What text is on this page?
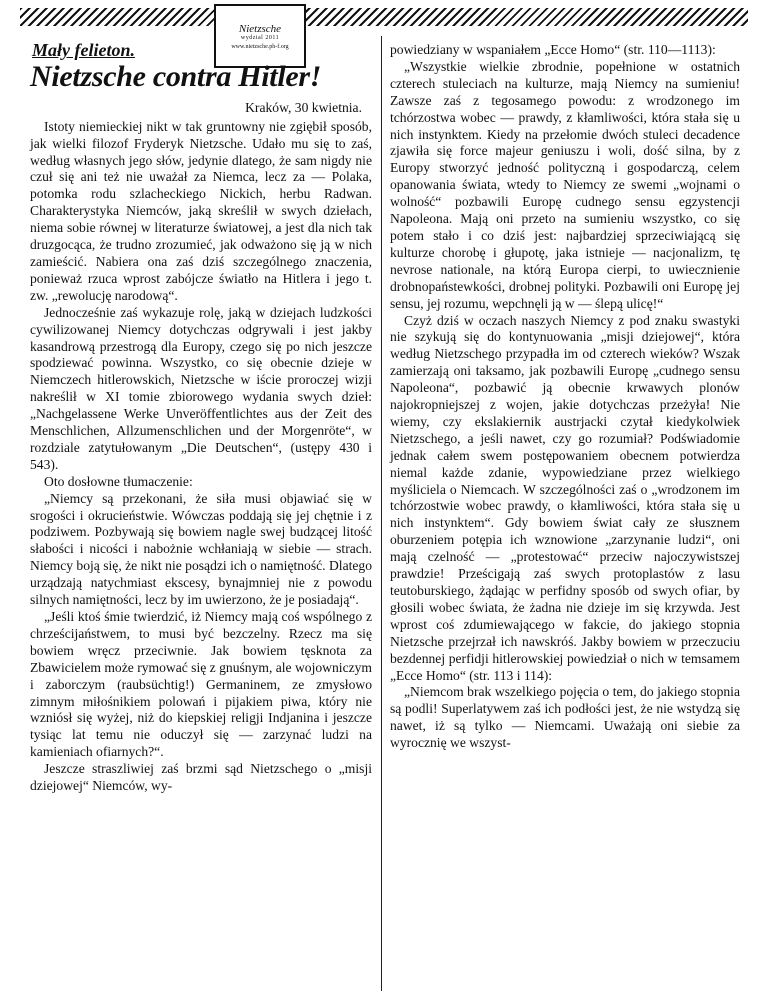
Nietzsche
wydzial 2011
www.nietzsche.ph-f.org
Mały felieton.
Nietzsche contra Hitler!
Kraków, 30 kwietnia.

Istoty niemieckiej nikt w tak gruntowny nie zgiębił sposób, jak wielki filozof Fryderyk Nietzsche. Udało mu się to zaś, według własnych jego słów, jedynie dlatego, że sam nigdy nie czuł się ani też nie uważał za Niemca, lecz za — Polaka, potomka rodu szlacheckiego Nickich, herbu Radwan. Charakterystyka Niemców, jaką skreślił w swych dziełach, niema sobie równej w literaturze światowej, a jest dla nich tak druzgocąca, że trudno zrozumieć, jak odważono się ją w nich zamieścić. Nabiera ona zaś dziś szczególnego znaczenia, ponieważ rzuca wprost zabójcze światło na Hitlera i jego t. zw. „rewolucję narodową“.

Jednocześnie zaś wykazuje rolę, jaką w dziejach ludzkości cywilizowanej Niemcy dotychczas odgrywali i jest jakby kasandrową przestrogą dla Europy, czego się po nich jeszcze spodziewać powinna. Wszystko, co się obecnie dzieje w Niemczech hitlerowskich, Nietzsche w iście proroczej wizji nakreślił w XI tomie zbiorowego wydania swych dzieł: „Nachgelassene Werke Unveröffentlichtes aus der Zeit des Menschlichen, Allzumenschlichen und der Morgenröte“, w rozdziale zatytułowanym „Die Deutschen“, (ustępy 430 i 543).

Oto dosłowne tłumaczenie:

„Niemcy są przekonani, że siła musi objawiać się w srogości i okrucieństwie. Wówczas poddają się jej chętnie i z podziwem. Pozbywają się bowiem nagle swej budzącej litość słabości i nicości i nabożnie wchłaniają w siebie — strach. Niemcy boją się, że nikt nie posądzi ich o namiętność. Dlatego urządzają natychmiast ekscesy, bynajmniej nie z powodu silnych namiętności, lecz by im uwierzono, że je posiadają“.

„Jeśli ktoś śmie twierdzić, iż Niemcy mają coś wspólnego z chrześcijaństwem, to musi być bezczelny. Rzecz ma się bowiem wręcz przeciwnie. Jak bowiem tęsknota za Zbawicielem może rymować się z gnuśnym, ale wojowniczym i zaborczym (raubsüchtig!) Germaninem, ze zmysłowo zimnym miłośnikiem polowań i pijakiem piwa, który nie wzniósł się wyżej, niż do kiepskiej religji Indjanina i jeszcze tysiąc lat temu nie oduczył się — zarzynać ludzi na kamieniach ofiarnych?“.

Jeszcze straszliwiej zaś brzmi sąd Nietzschego o „misji dziejowej“ Niemców, wy-

powiedziany w wspaniałem „Ecce Homo“ (str. 110—1113):

„Wszystkie wielkie zbrodnie, popełnione w ostatnich czterech stuleciach na kulturze, mają Niemcy na sumieniu! Zawsze zaś z tegosamego powodu: z wrodzonego im tchórzostwa wobec — prawdy, z kłamliwości, która stała się u nich instynktem. Kiedy na przełomie dwóch stuleci decadence zjawiła się force majeur geniuszu i woli, dość silna, by z Europy stworzyć jedność polityczną i gospodarczą, celem opanowania świata, wtedy to Niemcy ze swemi „wojnami o wolność“ pozbawili Europę cudnego sensu egzystencji Napoleona. Mają oni przeto na sumieniu wszystko, co się potem stało i co dziś jest: najbardziej sprzeciwiającą się kulturze chorobę i głupotę, jaka istnieje — nacjonalizm, tę nevrose nationale, na którą Europa cierpi, to uwiecznienie drobnopaństewkości, drobnej polityki. Pozbawili oni Europę jej sensu, jej rozumu, wepchnęli ją w — ślepą ulicę!“

Czyż dziś w oczach naszych Niemcy z pod znaku swastyki nie szykują się do kontynuowania „misji dziejowej“, która według Nietzschego przypadła im od czterech wieków? Wszak zamierzają oni taksamo, jak pozbawili Europę „cudnego sensu Napoleona“, pozbawić ją obecnie krwawych plonów najokropniejszej z wojen, jakie dotychczas przeżyła! Nie wiemy, czy ekslakiernik austrjacki czytał kiedykolwiek Nietzschego, a jeśli nawet, czy go rozumiał? Podświadomie jednak całem swem postępowaniem obecnem potwierdza niemal każde zdanie, wypowiedziane przez wielkiego myśliciela o Niemcach. W szczególności zaś o „wrodzonem im tchórzostwie wobec prawdy, o kłamliwości, która stała się u nich instynktem“. Gdy bowiem świat cały ze słusznem oburzeniem potępia ich wznowione „zarzynanie ludzi“, oni mają czelność — „protestować“ przeciw najoczywistszej prawdzie! Prześcigają zaś swych protoplastów z lasu teutoburskiego, żądając w perfidny sposób od swych ofiar, by głosili wobec świata, że żadna nie dzieje im się krzywda. Jest wprost coś zdumiewającego w fakcie, do jakiego stopnia Nietzsche przejrzał ich nawskróś. Jakby bowiem w przeczuciu bezdennej perfidji hitlerowskiej powiedział o nich w temsamem „Ecce Homo“ (str. 113 i 114):

„Niemcom brak wszelkiego pojęcia o tem, do jakiego stopnia są podli! Superlatywem zaś ich podłości jest, że nie wstydzą się nawet, iż są tylko — Niemcami. Uważają oni siebie za wyrocznię we wszyst-
